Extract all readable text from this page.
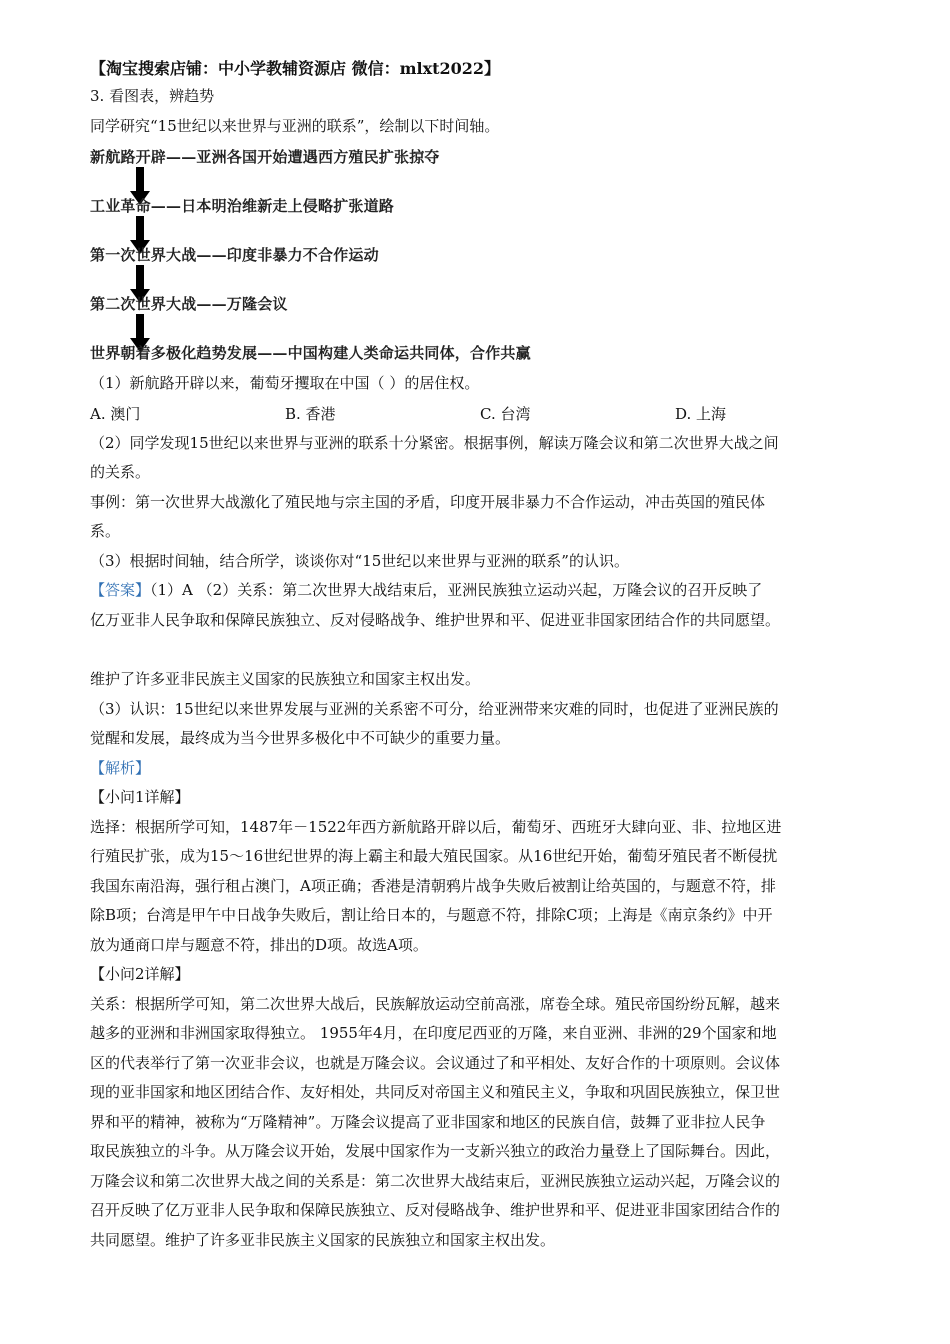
【淘宝搜索店铺：中小学教辅资源店 微信：mlxt2022】
3. 看图表，辨趋势
同学研究“15世纪以来世界与亚洲的联系”，绘制以下时间轴。
新航路开辟——亚洲各国开始遭遇西方殖民扩张掠夺
工业革命——日本明治维新走上侵略扩张道路
第一次世界大战——印度非暴力不合作运动
第二次世界大战——万隆会议
世界朝着多极化趋势发展——中国构建人类命运共同体，合作共赢
（1）新航路开辟以来，葡萄牙攫取在中国（ ）的居住权。
A. 澳门	B. 香港	C. 台湾	D. 上海
（2）同学发现15世纪以来世界与亚洲的联系十分紧密。根据事例，解读万隆会议和第二次世界大战之间
的关系。
事例：第一次世界大战激化了殖民地与宗主国的矛盾，印度开展非暴力不合作运动，冲击英国的殖民体
系。
（3）根据时间轴，结合所学，谈谈你对“15世纪以来世界与亚洲的联系”的认识。
【答案】（1）A （2）关系：第二次世界大战结束后，亚洲民族独立运动兴起，万隆会议的召开反映了
亿万亚非人民争取和保障民族独立、反对侵略战争、维护世界和平、促进亚非国家团结合作的共同愿望。
维护了许多亚非民族主义国家的民族独立和国家主权出发。
（3）认识：15世纪以来世界发展与亚洲的关系密不可分，给亚洲带来灾难的同时，也促进了亚洲民族的
觉醒和发展，最终成为当今世界多极化中不可缺少的重要力量。
【解析】
【小问1详解】
选择：根据所学可知，1487年－1522年西方新航路开辟以后，葡萄牙、西班牙大肆向亚、非、拉地区进
行殖民扩张，成为15～16世纪世界的海上霸主和最大殖民国家。从16世纪开始，葡萄牙殖民者不断侵扰
我国东南沿海，强行租占澳门，A项正确；香港是清朝鸦片战争失败后被割让给英国的，与题意不符，排
除B项；台湾是甲午中日战争失败后，割让给日本的，与题意不符，排除C项；上海是《南京条约》中开
放为通商口岸与题意不符，排出的D项。故选A项。
【小问2详解】
关系：根据所学可知，第二次世界大战后，民族解放运动空前高涨，席卷全球。殖民帝国纷纷瓦解，越来
越多的亚洲和非洲国家取得独立。 1955年4月，在印度尼西亚的万隆，来自亚洲、非洲的29个国家和地
区的代表举行了第一次亚非会议，也就是万隆会议。会议通过了和平相处、友好合作的十项原则。会议体
现的亚非国家和地区团结合作、友好相处，共同反对帝国主义和殖民主义，争取和巩固民族独立，保卫世
界和平的精神，被称为“万隆精神”。万隆会议提高了亚非国家和地区的民族自信，鼓舞了亚非拉人民争
取民族独立的斗争。从万隆会议开始，发展中国家作为一支新兴独立的政治力量登上了国际舞台。因此，
万隆会议和第二次世界大战之间的关系是：第二次世界大战结束后，亚洲民族独立运动兴起，万隆会议的
召开反映了亿万亚非人民争取和保障民族独立、反对侵略战争、维护世界和平、促进亚非国家团结合作的
共同愿望。维护了许多亚非民族主义国家的民族独立和国家主权出发。
